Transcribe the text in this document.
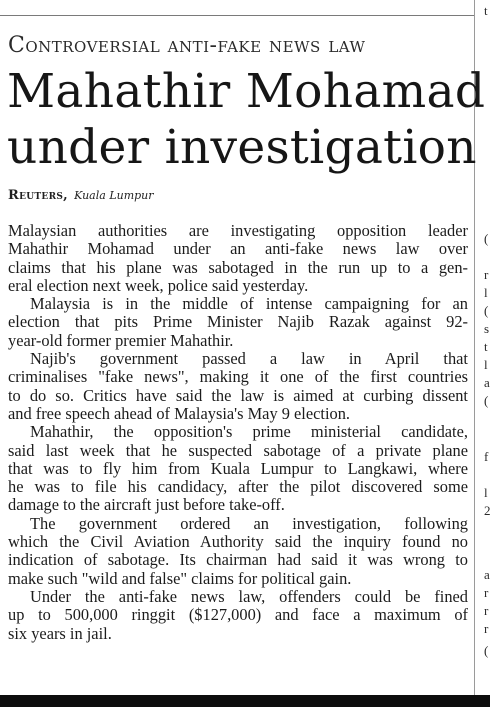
Controversial anti-fake news law
Mahathir Mohamad
under investigation
Reuters, Kuala Lumpur
Malaysian authorities are investigating opposition leader
Mahathir Mohamad under an anti-fake news law over
claims that his plane was sabotaged in the run up to a gen-
eral election next week, police said yesterday.
Malaysia is in the middle of intense campaigning for an
election that pits Prime Minister Najib Razak against 92-
year-old former premier Mahathir.
Najib's government passed a law in April that
criminalises "fake news", making it one of the first countries
to do so. Critics have said the law is aimed at curbing dissent
and free speech ahead of Malaysia's May 9 election.
Mahathir, the opposition's prime ministerial candidate,
said last week that he suspected sabotage of a private plane
that was to fly him from Kuala Lumpur to Langkawi, where
he was to file his candidacy, after the pilot discovered some
damage to the aircraft just before take-off.
The government ordered an investigation, following
which the Civil Aviation Authority said the inquiry found no
indication of sabotage. Its chairman had said it was wrong to
make such "wild and false" claims for political gain.
Under the anti-fake news law, offenders could be fined
up to 500,000 ringgit ($127,000) and face a maximum of
six years in jail.
t
(
r
l
(
s
t
l
a
(
f
l
2
a
r
r
r
(
